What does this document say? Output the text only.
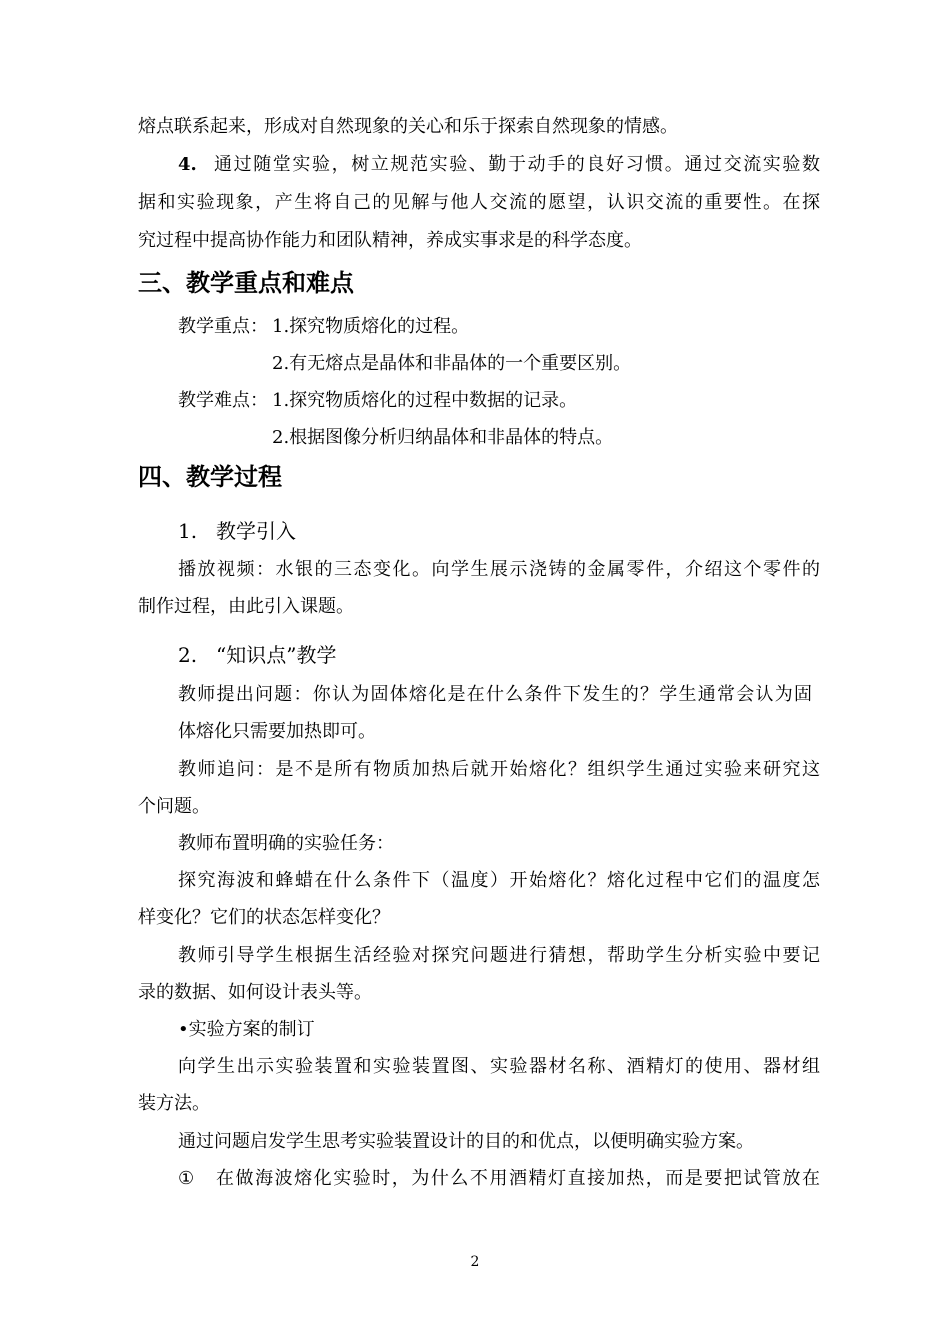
熔点联系起来，形成对自然现象的关心和乐于探索自然现象的情感。
4. 通过随堂实验，树立规范实验、勤于动手的良好习惯。通过交流实验数
据和实验现象，产生将自己的见解与他人交流的愿望，认识交流的重要性。在探
究过程中提高协作能力和团队精神，养成实事求是的科学态度。
三、教学重点和难点
教学重点： 1.探究物质熔化的过程。
2.有无熔点是晶体和非晶体的一个重要区别。
教学难点： 1.探究物质熔化的过程中数据的记录。
2.根据图像分析归纳晶体和非晶体的特点。
四、教学过程
1. 教学引入
播放视频：水银的三态变化。向学生展示浇铸的金属零件，介绍这个零件的
制作过程，由此引入课题。
2. “知识点”教学
教师提出问题：你认为固体熔化是在什么条件下发生的？学生通常会认为固
体熔化只需要加热即可。
教师追问：是不是所有物质加热后就开始熔化？组织学生通过实验来研究这
个问题。
教师布置明确的实验任务：
探究海波和蜂蜡在什么条件下（温度）开始熔化？熔化过程中它们的温度怎
样变化？它们的状态怎样变化？
教师引导学生根据生活经验对探究问题进行猜想，帮助学生分析实验中要记
录的数据、如何设计表头等。
•实验方案的制订
向学生出示实验装置和实验装置图、实验器材名称、酒精灯的使用、器材组
装方法。
通过问题启发学生思考实验装置设计的目的和优点，以便明确实验方案。
① 在做海波熔化实验时，为什么不用酒精灯直接加热，而是要把试管放在
2
